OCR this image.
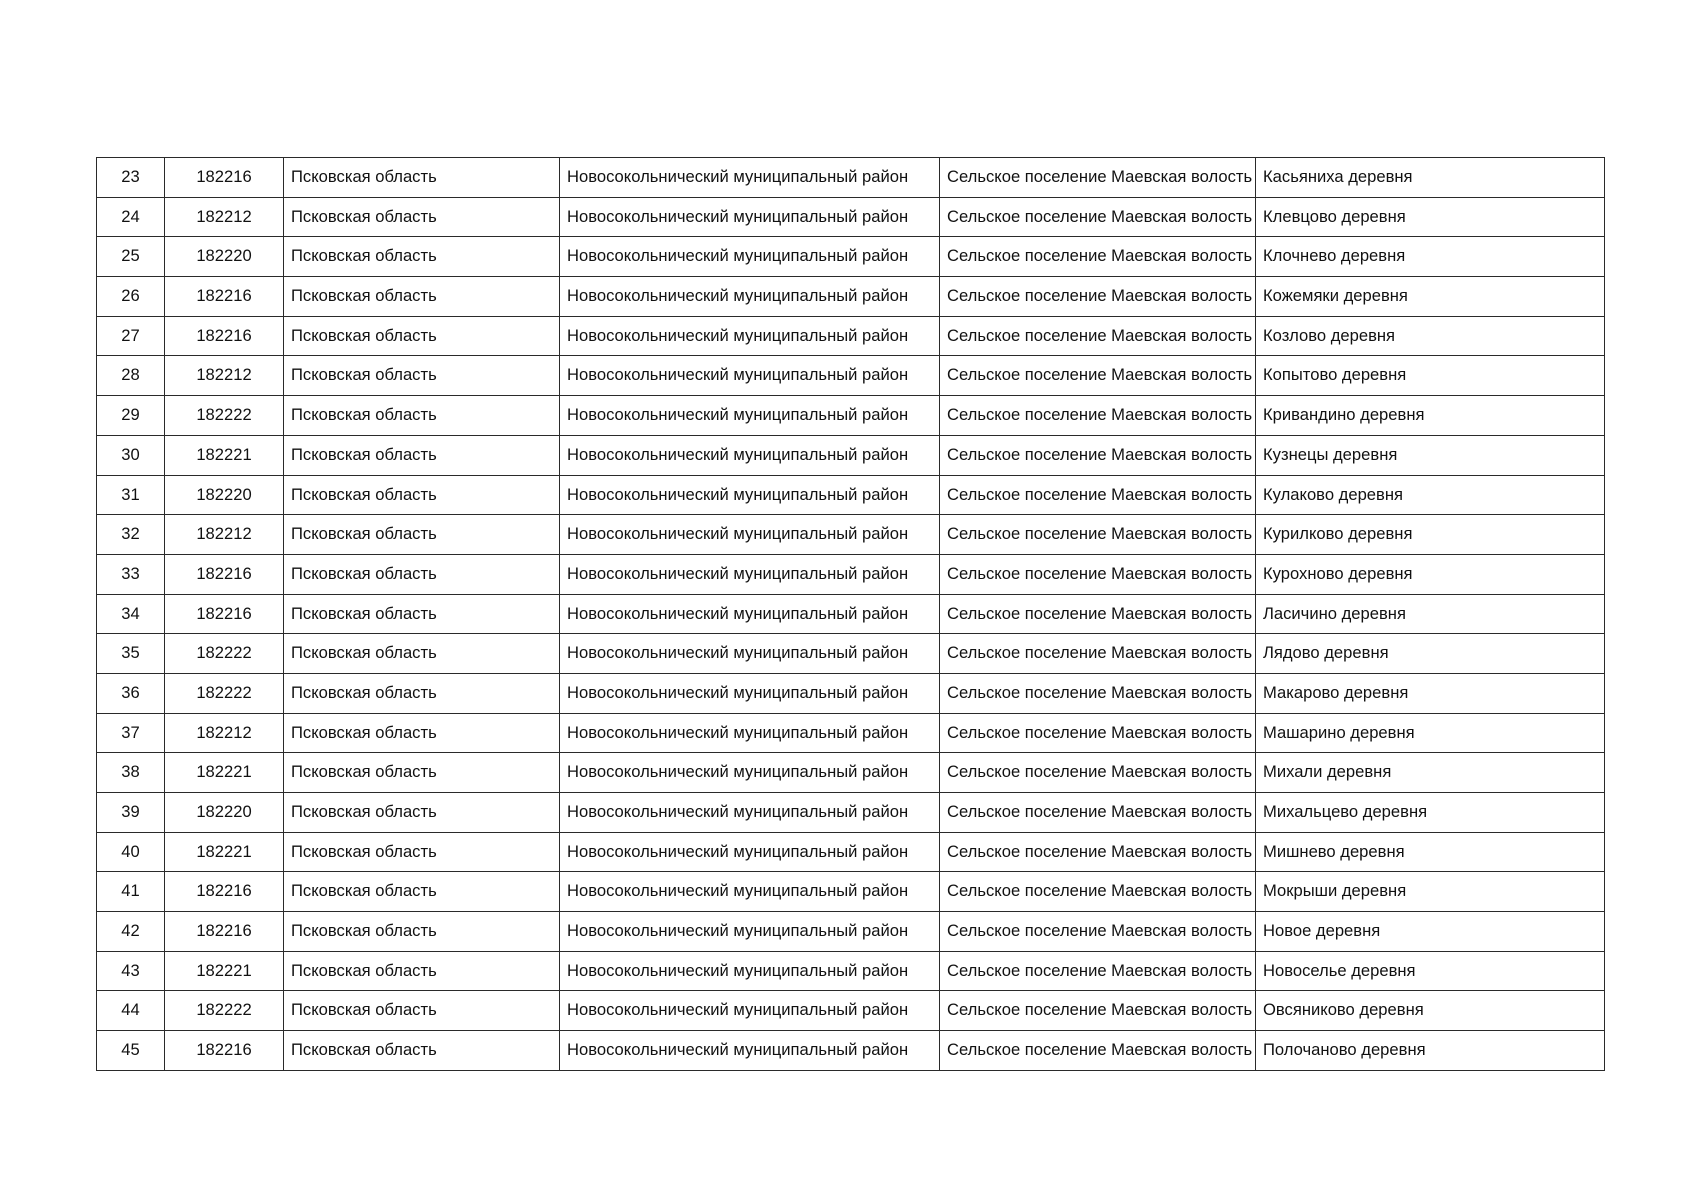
23	182216	Псковская область	Новосокольнический муниципальный район	Сельское поселение Маевская волость	Касьяниха деревня
24	182212	Псковская область	Новосокольнический муниципальный район	Сельское поселение Маевская волость	Клевцово деревня
25	182220	Псковская область	Новосокольнический муниципальный район	Сельское поселение Маевская волость	Клочнево деревня
26	182216	Псковская область	Новосокольнический муниципальный район	Сельское поселение Маевская волость	Кожемяки деревня
27	182216	Псковская область	Новосокольнический муниципальный район	Сельское поселение Маевская волость	Козлово деревня
28	182212	Псковская область	Новосокольнический муниципальный район	Сельское поселение Маевская волость	Копытово деревня
29	182222	Псковская область	Новосокольнический муниципальный район	Сельское поселение Маевская волость	Кривандино деревня
30	182221	Псковская область	Новосокольнический муниципальный район	Сельское поселение Маевская волость	Кузнецы деревня
31	182220	Псковская область	Новосокольнический муниципальный район	Сельское поселение Маевская волость	Кулаково деревня
32	182212	Псковская область	Новосокольнический муниципальный район	Сельское поселение Маевская волость	Курилково деревня
33	182216	Псковская область	Новосокольнический муниципальный район	Сельское поселение Маевская волость	Курохново деревня
34	182216	Псковская область	Новосокольнический муниципальный район	Сельское поселение Маевская волость	Ласичино деревня
35	182222	Псковская область	Новосокольнический муниципальный район	Сельское поселение Маевская волость	Лядово деревня
36	182222	Псковская область	Новосокольнический муниципальный район	Сельское поселение Маевская волость	Макарово деревня
37	182212	Псковская область	Новосокольнический муниципальный район	Сельское поселение Маевская волость	Машарино деревня
38	182221	Псковская область	Новосокольнический муниципальный район	Сельское поселение Маевская волость	Михали деревня
39	182220	Псковская область	Новосокольнический муниципальный район	Сельское поселение Маевская волость	Михальцево деревня
40	182221	Псковская область	Новосокольнический муниципальный район	Сельское поселение Маевская волость	Мишнево деревня
41	182216	Псковская область	Новосокольнический муниципальный район	Сельское поселение Маевская волость	Мокрыши деревня
42	182216	Псковская область	Новосокольнический муниципальный район	Сельское поселение Маевская волость	Новое деревня
43	182221	Псковская область	Новосокольнический муниципальный район	Сельское поселение Маевская волость	Новоселье деревня
44	182222	Псковская область	Новосокольнический муниципальный район	Сельское поселение Маевская волость	Овсяниково деревня
45	182216	Псковская область	Новосокольнический муниципальный район	Сельское поселение Маевская волость	Полочаново деревня
